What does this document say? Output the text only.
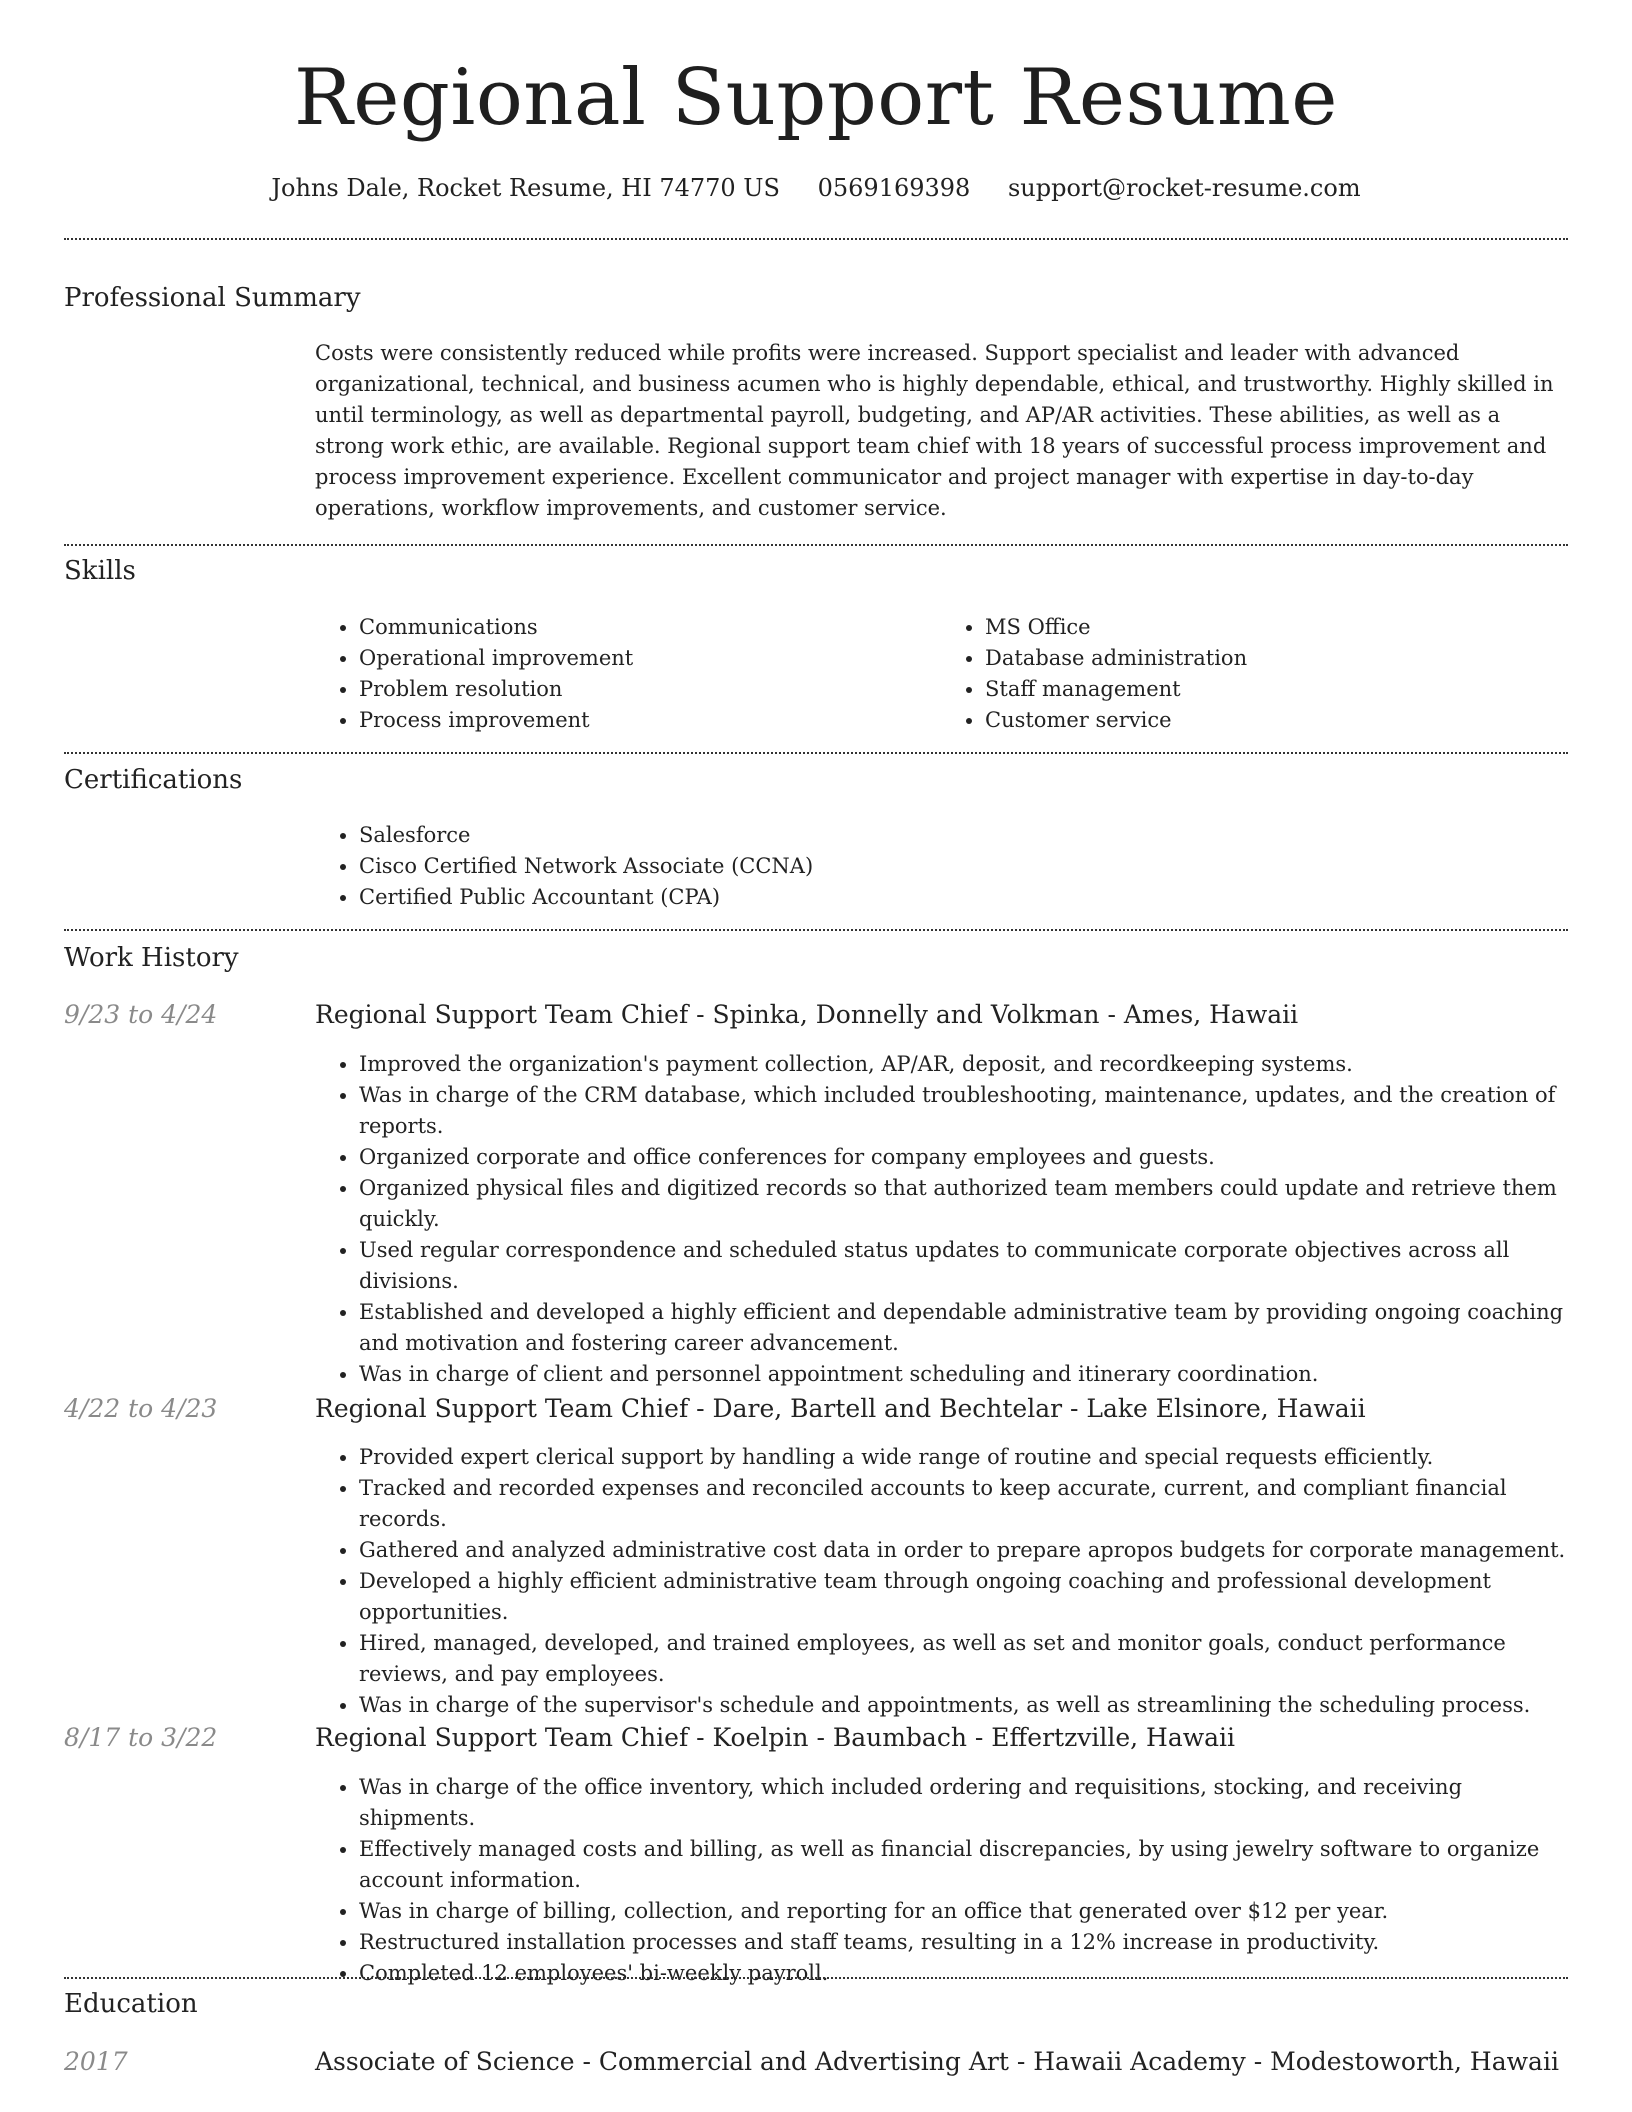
Regional Support Resume
Johns Dale, Rocket Resume, HI 74770 US 0569169398 support@rocket-resume.com
Professional Summary

Costs were consistently reduced while profits were increased. Support specialist and leader with advanced organizational, technical, and business acumen who is highly dependable, ethical, and trustworthy. Highly skilled in until terminology, as well as departmental payroll, budgeting, and AP/AR activities. These abilities, as well as a strong work ethic, are available. Regional support team chief with 18 years of successful process improvement and process improvement experience. Excellent communicator and project manager with expertise in day-to-day operations, workflow improvements, and customer service.

Skills
• Communications
• Operational improvement
• Problem resolution
• Process improvement
• MS Office
• Database administration
• Staff management
• Customer service
Certifications
• Salesforce
• Cisco Certified Network Associate (CCNA)
• Certified Public Accountant (CPA)
Work History
9/23 to 4/24	Regional Support Team Chief - Spinka, Donnelly and Volkman - Ames, Hawaii
• Improved the organization's payment collection, AP/AR, deposit, and recordkeeping systems.
• Was in charge of the CRM database, which included troubleshooting, maintenance, updates, and the creation of reports.
• Organized corporate and office conferences for company employees and guests.
• Organized physical files and digitized records so that authorized team members could update and retrieve them quickly.
• Used regular correspondence and scheduled status updates to communicate corporate objectives across all divisions.
• Established and developed a highly efficient and dependable administrative team by providing ongoing coaching and motivation and fostering career advancement.
• Was in charge of client and personnel appointment scheduling and itinerary coordination.
4/22 to 4/23	Regional Support Team Chief - Dare, Bartell and Bechtelar - Lake Elsinore, Hawaii
• Provided expert clerical support by handling a wide range of routine and special requests efficiently.
• Tracked and recorded expenses and reconciled accounts to keep accurate, current, and compliant financial records.
• Gathered and analyzed administrative cost data in order to prepare apropos budgets for corporate management.
• Developed a highly efficient administrative team through ongoing coaching and professional development opportunities.
• Hired, managed, developed, and trained employees, as well as set and monitor goals, conduct performance reviews, and pay employees.
• Was in charge of the supervisor's schedule and appointments, as well as streamlining the scheduling process.
8/17 to 3/22	Regional Support Team Chief - Koelpin - Baumbach - Effertzville, Hawaii
• Was in charge of the office inventory, which included ordering and requisitions, stocking, and receiving shipments.
• Effectively managed costs and billing, as well as financial discrepancies, by using jewelry software to organize account information.
• Was in charge of billing, collection, and reporting for an office that generated over $12 per year.
• Restructured installation processes and staff teams, resulting in a 12% increase in productivity.
• Completed 12 employees' bi-weekly payroll.
Education
2017	Associate of Science - Commercial and Advertising Art - Hawaii Academy - Modestoworth, Hawaii
